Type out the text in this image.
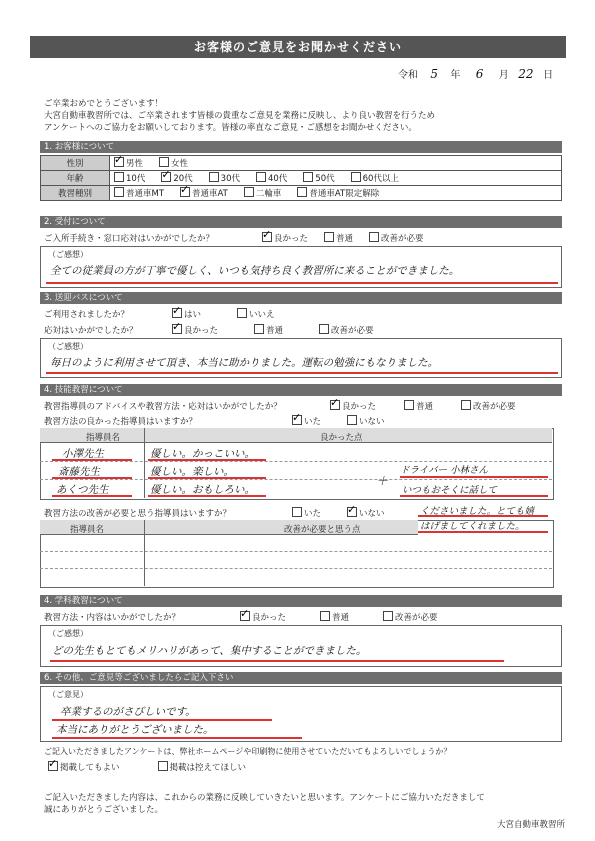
お客様のご意見をお聞かせください
令和 5 年 6 月 22 日
ご卒業おめでとうございます！
大宮自動車教習所では、ご卒業されます皆様の貴重なご意見を業務に反映し、より良い教習を行うため
アンケートへのご協力をお願いしております。皆様の率直なご意見・ご感想をお聞かせください。
1. お客様について
性別	✓男性 女性
年齢	10代 ✓ 20代 30代 40代 50代 60代以上
教習種別	普通車MT ✓ 普通車AT 二輪車 普通車AT限定解除
2. 受付について
ご入所手続き・窓口応対はいかがでしたか？ ✓	良かった	普通	改善が必要
（ご感想）
全ての従業員の方が丁寧で優しく、いつも気持ち良く教習所に来ることができました。
3. 送迎バスについて
ご利用されましたか？ ✓	はい	いいえ
応対はいかがでしたか？ ✓	良かった	普通	改善が必要
（ご感想）
毎日のように利用させて頂き、本当に助かりました。運転の勉強にもなりました。
4. 技能教習について
教習指導員のアドバイスや教習方法・応対はいかがでしたか？ ✓	良かった	普通	改善が必要
教習方法の良かった指導員はいますか？ ✓	いた	いない
指導員名	良かった点
小澤先生	優しい。かっこいい。
斎藤先生	優しい。楽しい。
あくつ先生	優しい。おもしろい。
＋
ドライバー 小林さん
いつもおそくに話して
教習方法の改善が必要と思う指導員はいますか？	いた ✓	いない	くださいました。とても嬉
はげましてくれました。
指導員名	改善が必要と思う点
4. 学科教習について
教習方法・内容はいかがでしたか？ ✓	良かった	普通	改善が必要
（ご感想）
どの先生もとてもメリハリがあって、集中することができました。
6. その他、ご意見等ございましたらご記入下さい
（ご意見）
卒業するのがさびしいです。
本当にありがとうございました。
ご記入いただきましたアンケートは、弊社ホームページや印刷物に使用させていただいてもよろしいでしょうか？
✓掲載してもよい	掲載は控えてほしい
ご記入いただきました内容は、これからの業務に反映していきたいと思います。アンケートにご協力いただきまして
誠にありがとうございました。
大宮自動車教習所
